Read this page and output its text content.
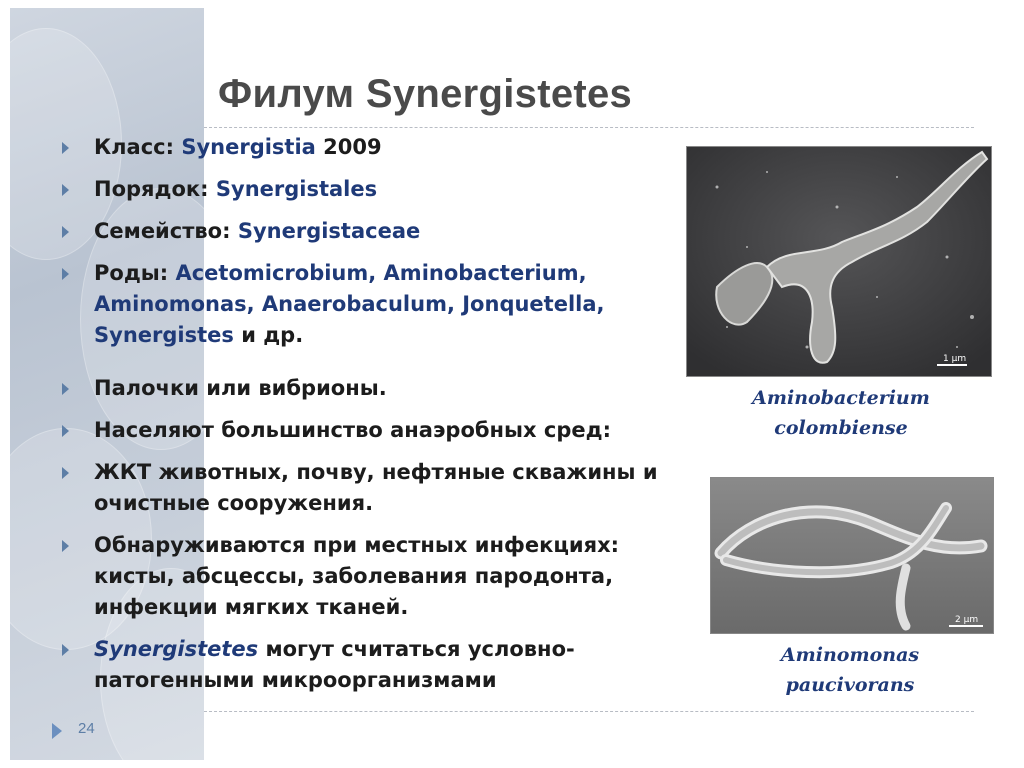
Филум Synergistetes
Класс: Synergistia 2009
Порядок: Synergistales
Семейство: Synergistaceae
Роды: Acetomicrobium, Aminobacterium, Aminomonas, Anaerobaculum, Jonquetella, Synergistes и др.
Палочки или вибрионы.
Населяют большинство анаэробных сред:
ЖКТ животных, почву, нефтяные скважины и очистные сооружения.
Обнаруживаются при местных инфекциях: кисты, абсцессы, заболевания пародонта, инфекции мягких тканей.
Synergistetes могут считаться условно-патогенными микроорганизмами
1 µm
Aminobacterium
colombiense
2 µm
Aminomonas
paucivorans
24
